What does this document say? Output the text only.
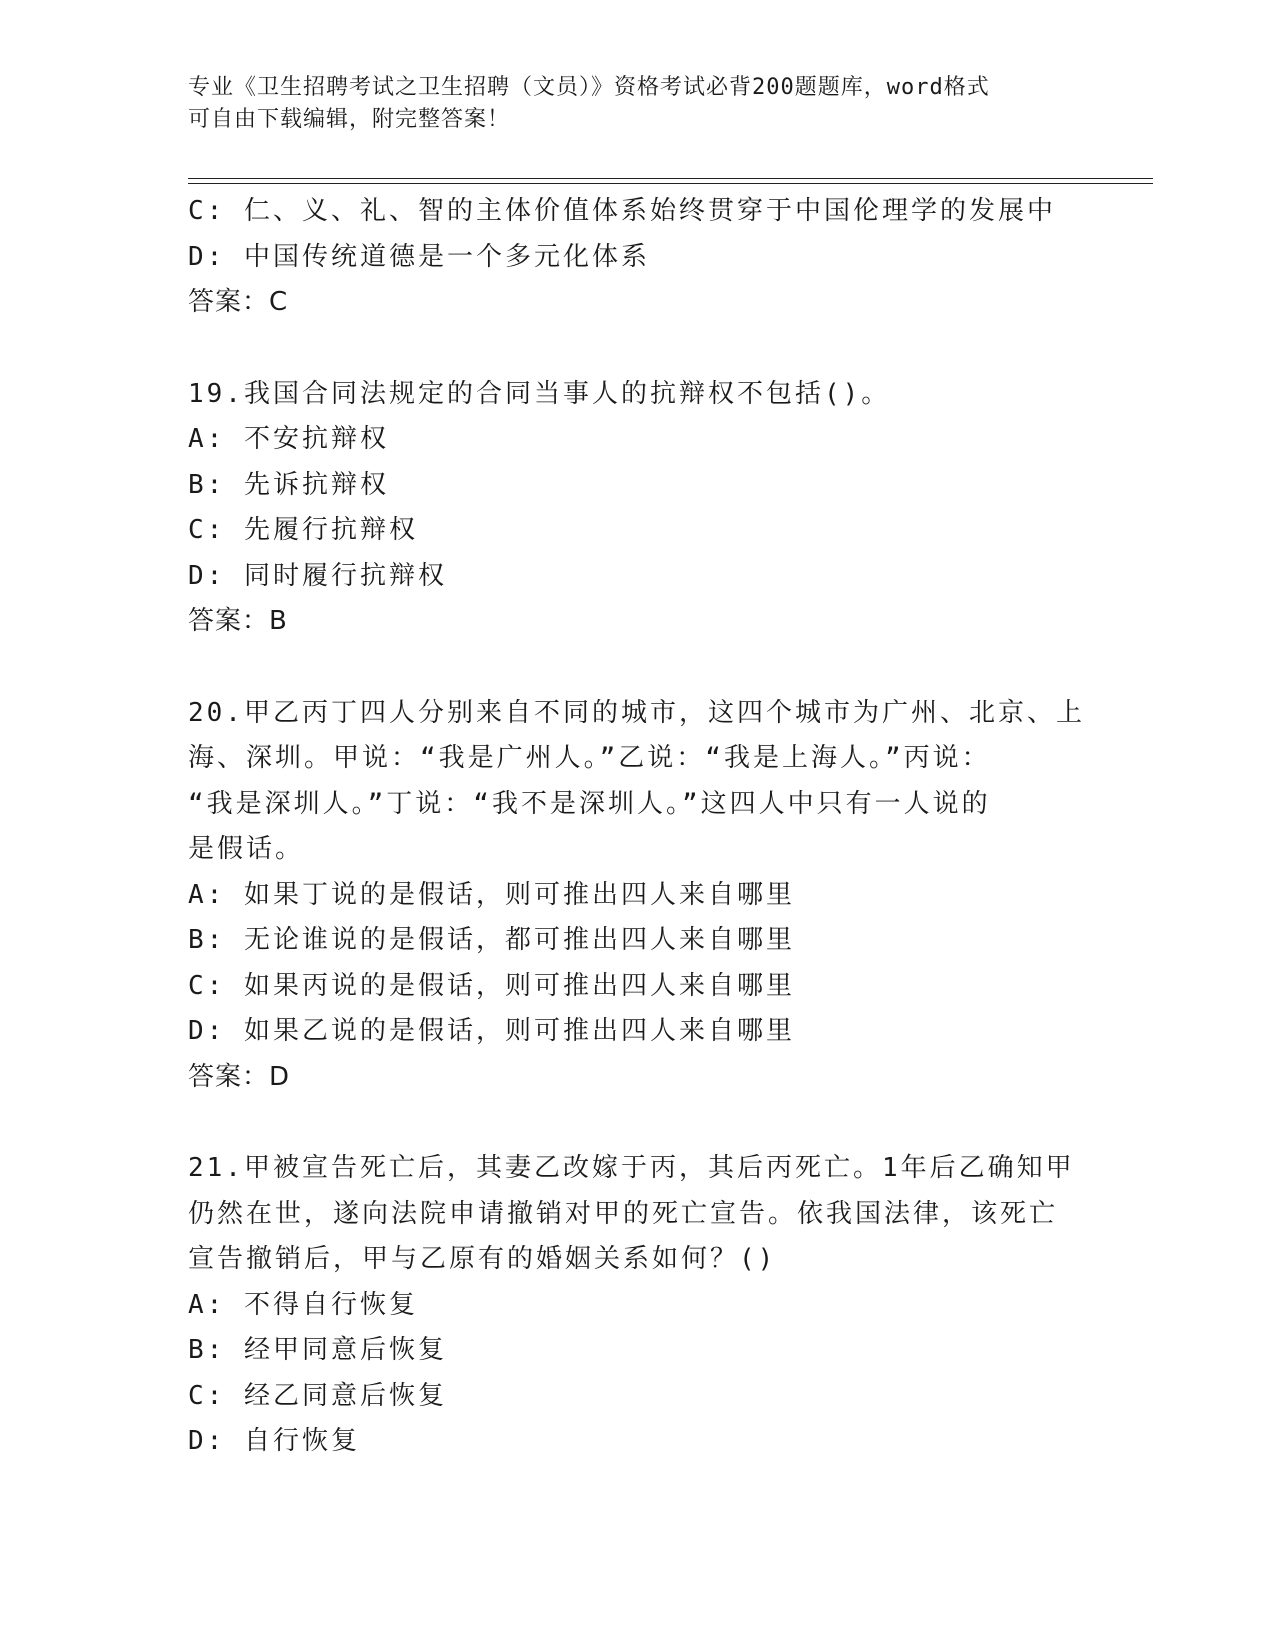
专业《卫生招聘考试之卫生招聘（文员）》资格考试必背200题题库，word格式
可自由下载编辑，附完整答案！
C: 仁、义、礼、智的主体价值体系始终贯穿于中国伦理学的发展中
D: 中国传统道德是一个多元化体系
答案：C
19.我国合同法规定的合同当事人的抗辩权不包括()。
A: 不安抗辩权
B: 先诉抗辩权
C: 先履行抗辩权
D: 同时履行抗辩权
答案：B
20.甲乙丙丁四人分别来自不同的城市，这四个城市为广州、北京、上
海、深圳。甲说：“我是广州人。”乙说：“我是上海人。”丙说：
“我是深圳人。”丁说：“我不是深圳人。”这四人中只有一人说的
是假话。
A: 如果丁说的是假话，则可推出四人来自哪里
B: 无论谁说的是假话，都可推出四人来自哪里
C: 如果丙说的是假话，则可推出四人来自哪里
D: 如果乙说的是假话，则可推出四人来自哪里
答案：D
21.甲被宣告死亡后，其妻乙改嫁于丙，其后丙死亡。1年后乙确知甲
仍然在世，遂向法院申请撤销对甲的死亡宣告。依我国法律，该死亡
宣告撤销后，甲与乙原有的婚姻关系如何？()
A: 不得自行恢复
B: 经甲同意后恢复
C: 经乙同意后恢复
D: 自行恢复
